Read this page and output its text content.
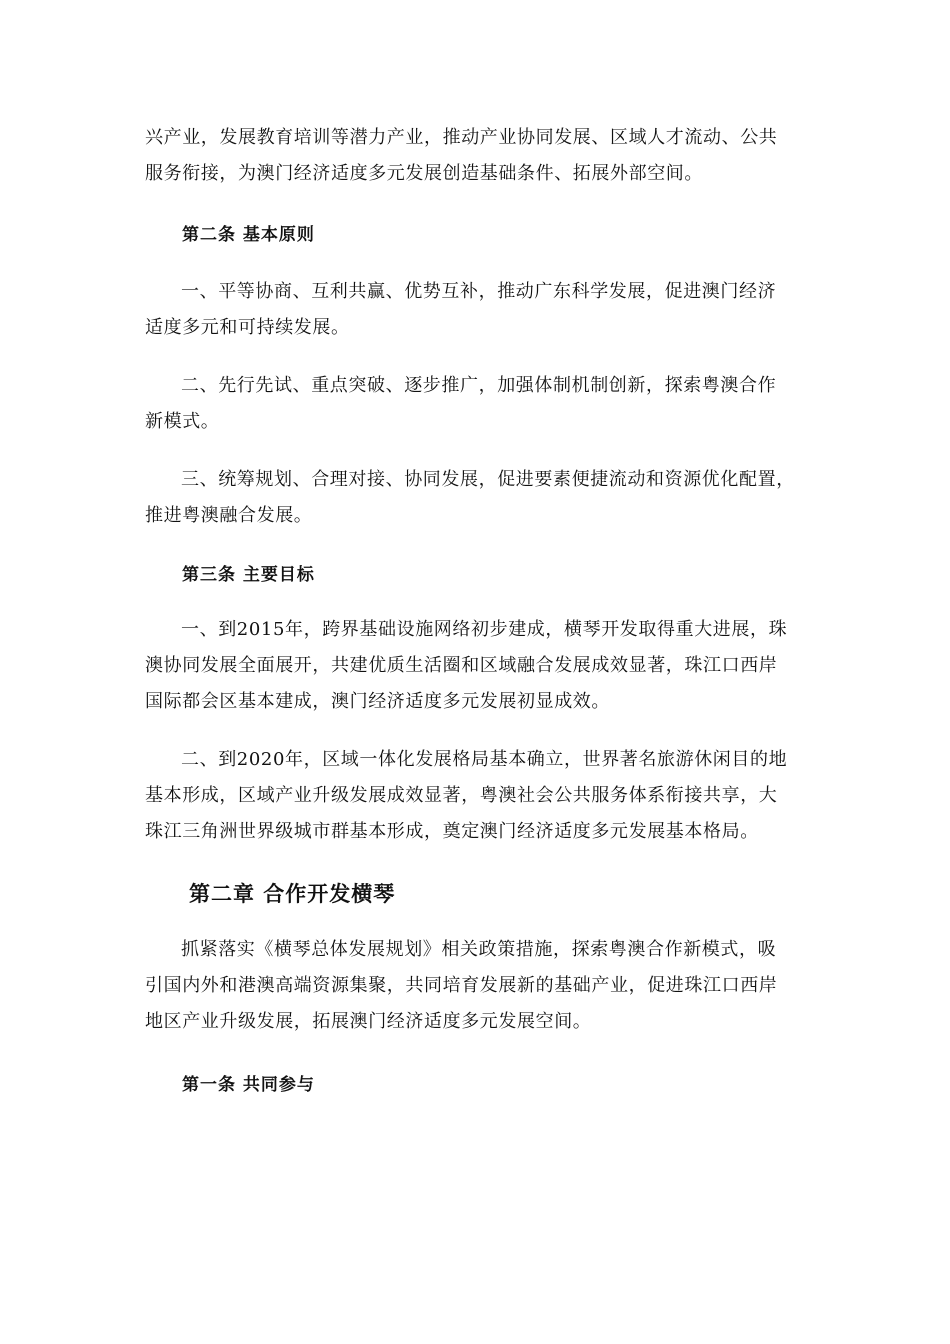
兴产业，发展教育培训等潜力产业，推动产业协同发展、区域人才流动、公共
服务衔接，为澳门经济适度多元发展创造基础条件、拓展外部空间。
第二条 基本原则
一、平等协商、互利共赢、优势互补，推动广东科学发展，促进澳门经济
适度多元和可持续发展。
二、先行先试、重点突破、逐步推广，加强体制机制创新，探索粤澳合作
新模式。
三、统筹规划、合理对接、协同发展，促进要素便捷流动和资源优化配置，
推进粤澳融合发展。
第三条 主要目标
一、到2015年，跨界基础设施网络初步建成，横琴开发取得重大进展，珠
澳协同发展全面展开，共建优质生活圈和区域融合发展成效显著，珠江口西岸
国际都会区基本建成，澳门经济适度多元发展初显成效。
二、到2020年，区域一体化发展格局基本确立，世界著名旅游休闲目的地
基本形成，区域产业升级发展成效显著，粤澳社会公共服务体系衔接共享，大
珠江三角洲世界级城市群基本形成，奠定澳门经济适度多元发展基本格局。
第二章 合作开发横琴
抓紧落实《横琴总体发展规划》相关政策措施，探索粤澳合作新模式，吸
引国内外和港澳高端资源集聚，共同培育发展新的基础产业，促进珠江口西岸
地区产业升级发展，拓展澳门经济适度多元发展空间。
第一条 共同参与
